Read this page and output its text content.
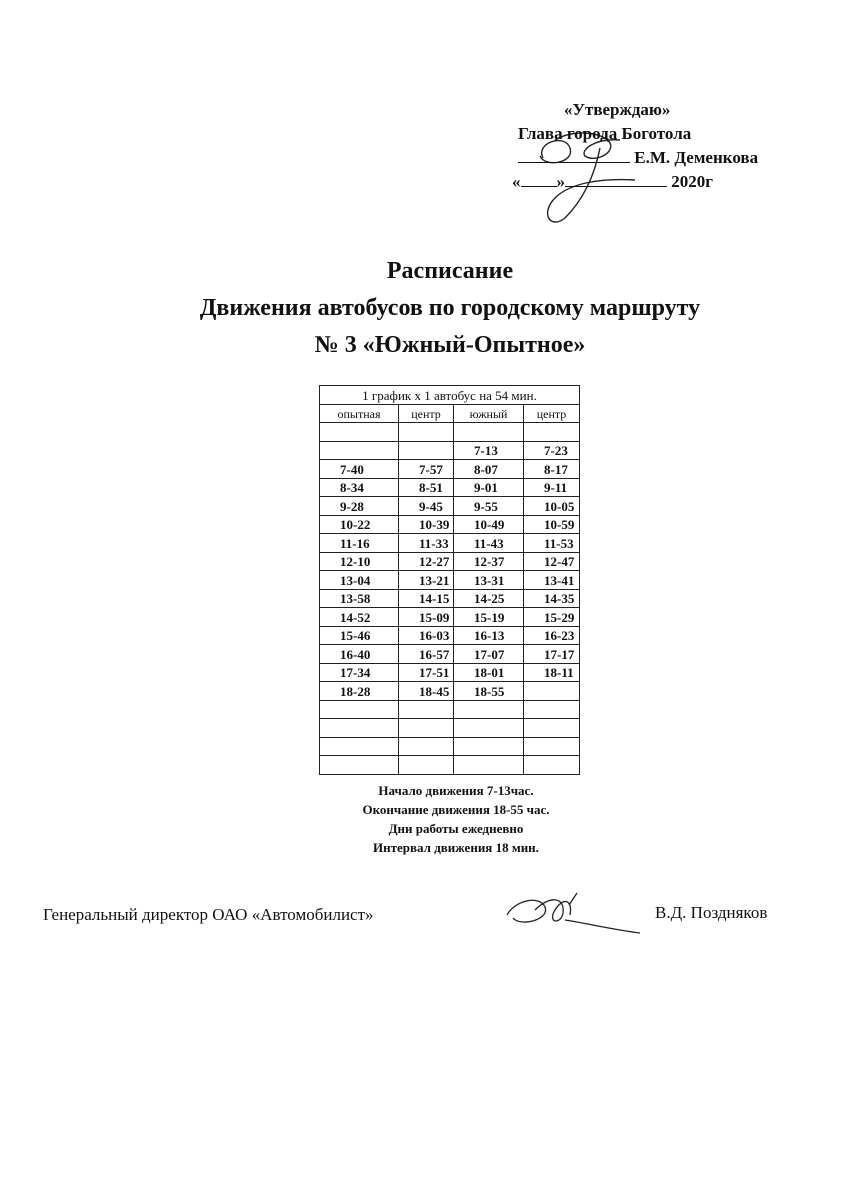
«Утверждаю»
Глава города Боготола
Е.М. Деменкова
« »	2020г
Расписание
Движения автобусов по городскому маршруту
№ 3 «Южный-Опытное»
1 график х 1 автобус на 54 мин.			
опытная	центр	южный	центр

		7-13	7-23
7-40	7-57	8-07	8-17
8-34	8-51	9-01	9-11
9-28	9-45	9-55	10-05
10-22	10-39	10-49	10-59
11-16	11-33	11-43	11-53
12-10	12-27	12-37	12-47
13-04	13-21	13-31	13-41
13-58	14-15	14-25	14-35
14-52	15-09	15-19	15-29
15-46	16-03	16-13	16-23
16-40	16-57	17-07	17-17
17-34	17-51	18-01	18-11
18-28	18-45	18-55	

Начало движения 7-13час.
Окончание движения 18-55 час.
Дни работы ежедневно
Интервал движения 18 мин.
Генеральный директор ОАО «Автомобилист»	В.Д. Поздняков
